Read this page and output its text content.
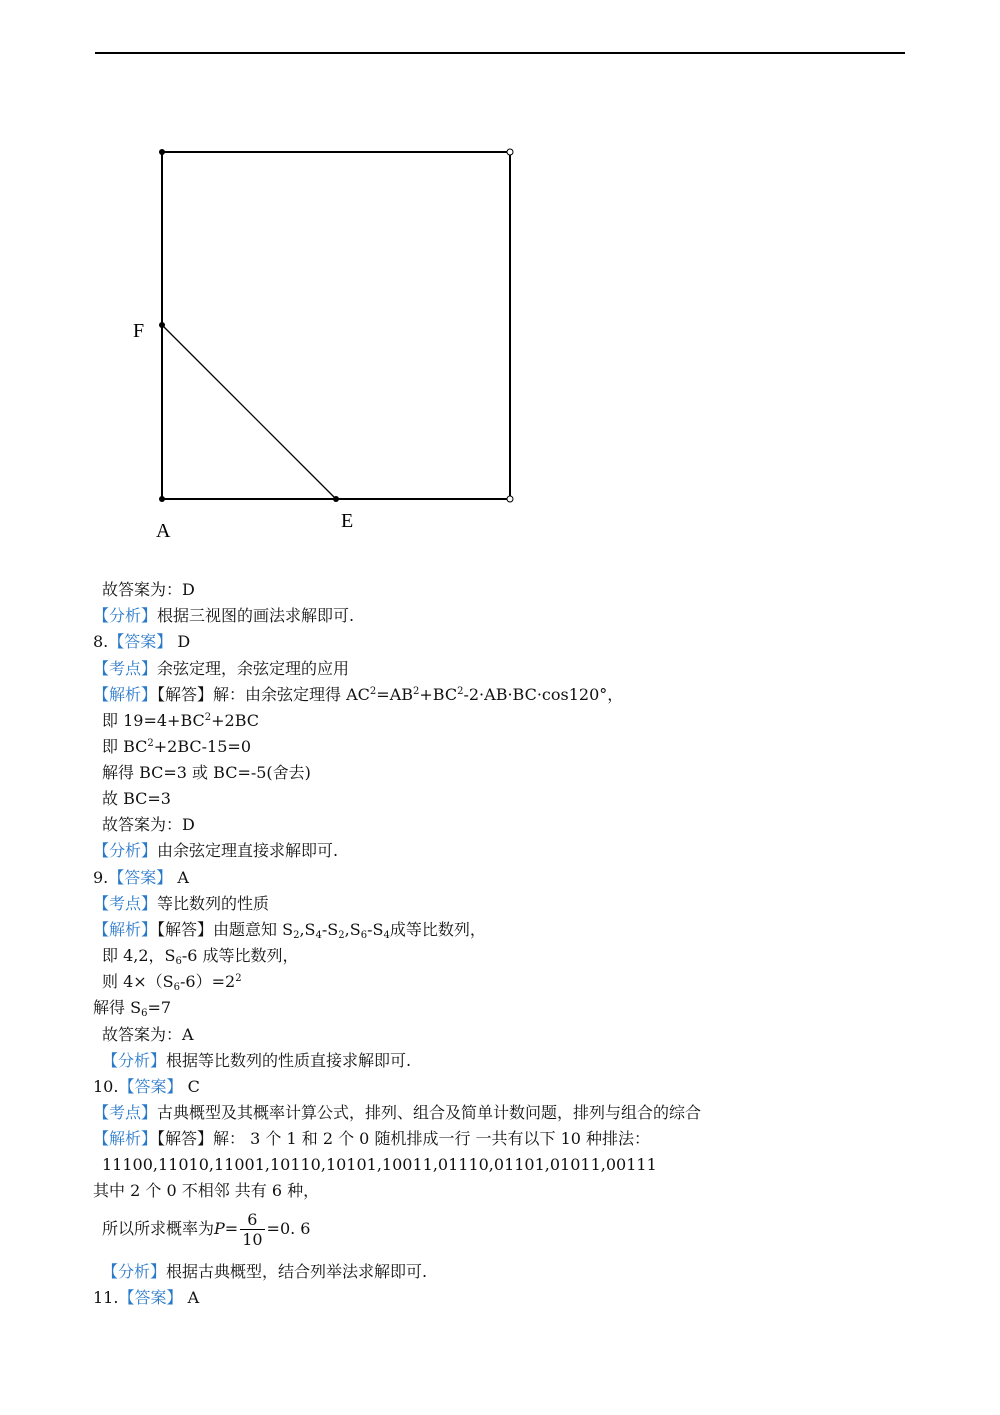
F
A	E
故答案为：D
【分析】根据三视图的画法求解即可.
8.【答案】 D
【考点】余弦定理，余弦定理的应用
【解析】【解答】解：由余弦定理得 $AC^2=AB^2+BC^2-2\cdot AB\cdot BC\cdot\cos 120^\circ$，
即 $19=4+BC^2+2BC$
即 $BC^2+2BC-15=0$
解得 BC=3 或 BC=-5(舍去)
故 BC=3
故答案为：D
【分析】由余弦定理直接求解即可.
9.【答案】 A
【考点】等比数列的性质
【解析】【解答】由题意知 $S_2,S_4-S_2,S_6-S_4$成等比数列，
即 4,2，$S_6-6$ 成等比数列，
则 $4\times(S_6-6)=2^2$
解得 $S_6=7$
故答案为：A
【分析】根据等比数列的性质直接求解即可.
10.【答案】 C
【考点】古典概型及其概率计算公式，排列、组合及简单计数问题，排列与组合的综合
【解析】【解答】解： 3 个 1 和 2 个 0 随机排成一行 一共有以下 10 种排法：
11100,11010,11001,10110,10101,10011,01110,01101,01011,00111
其中 2 个 0 不相邻 共有 6 种，
所以所求概率为$P= \frac{6}{10} =0$. 6
【分析】根据古典概型，结合列举法求解即可.
11.【答案】 A
